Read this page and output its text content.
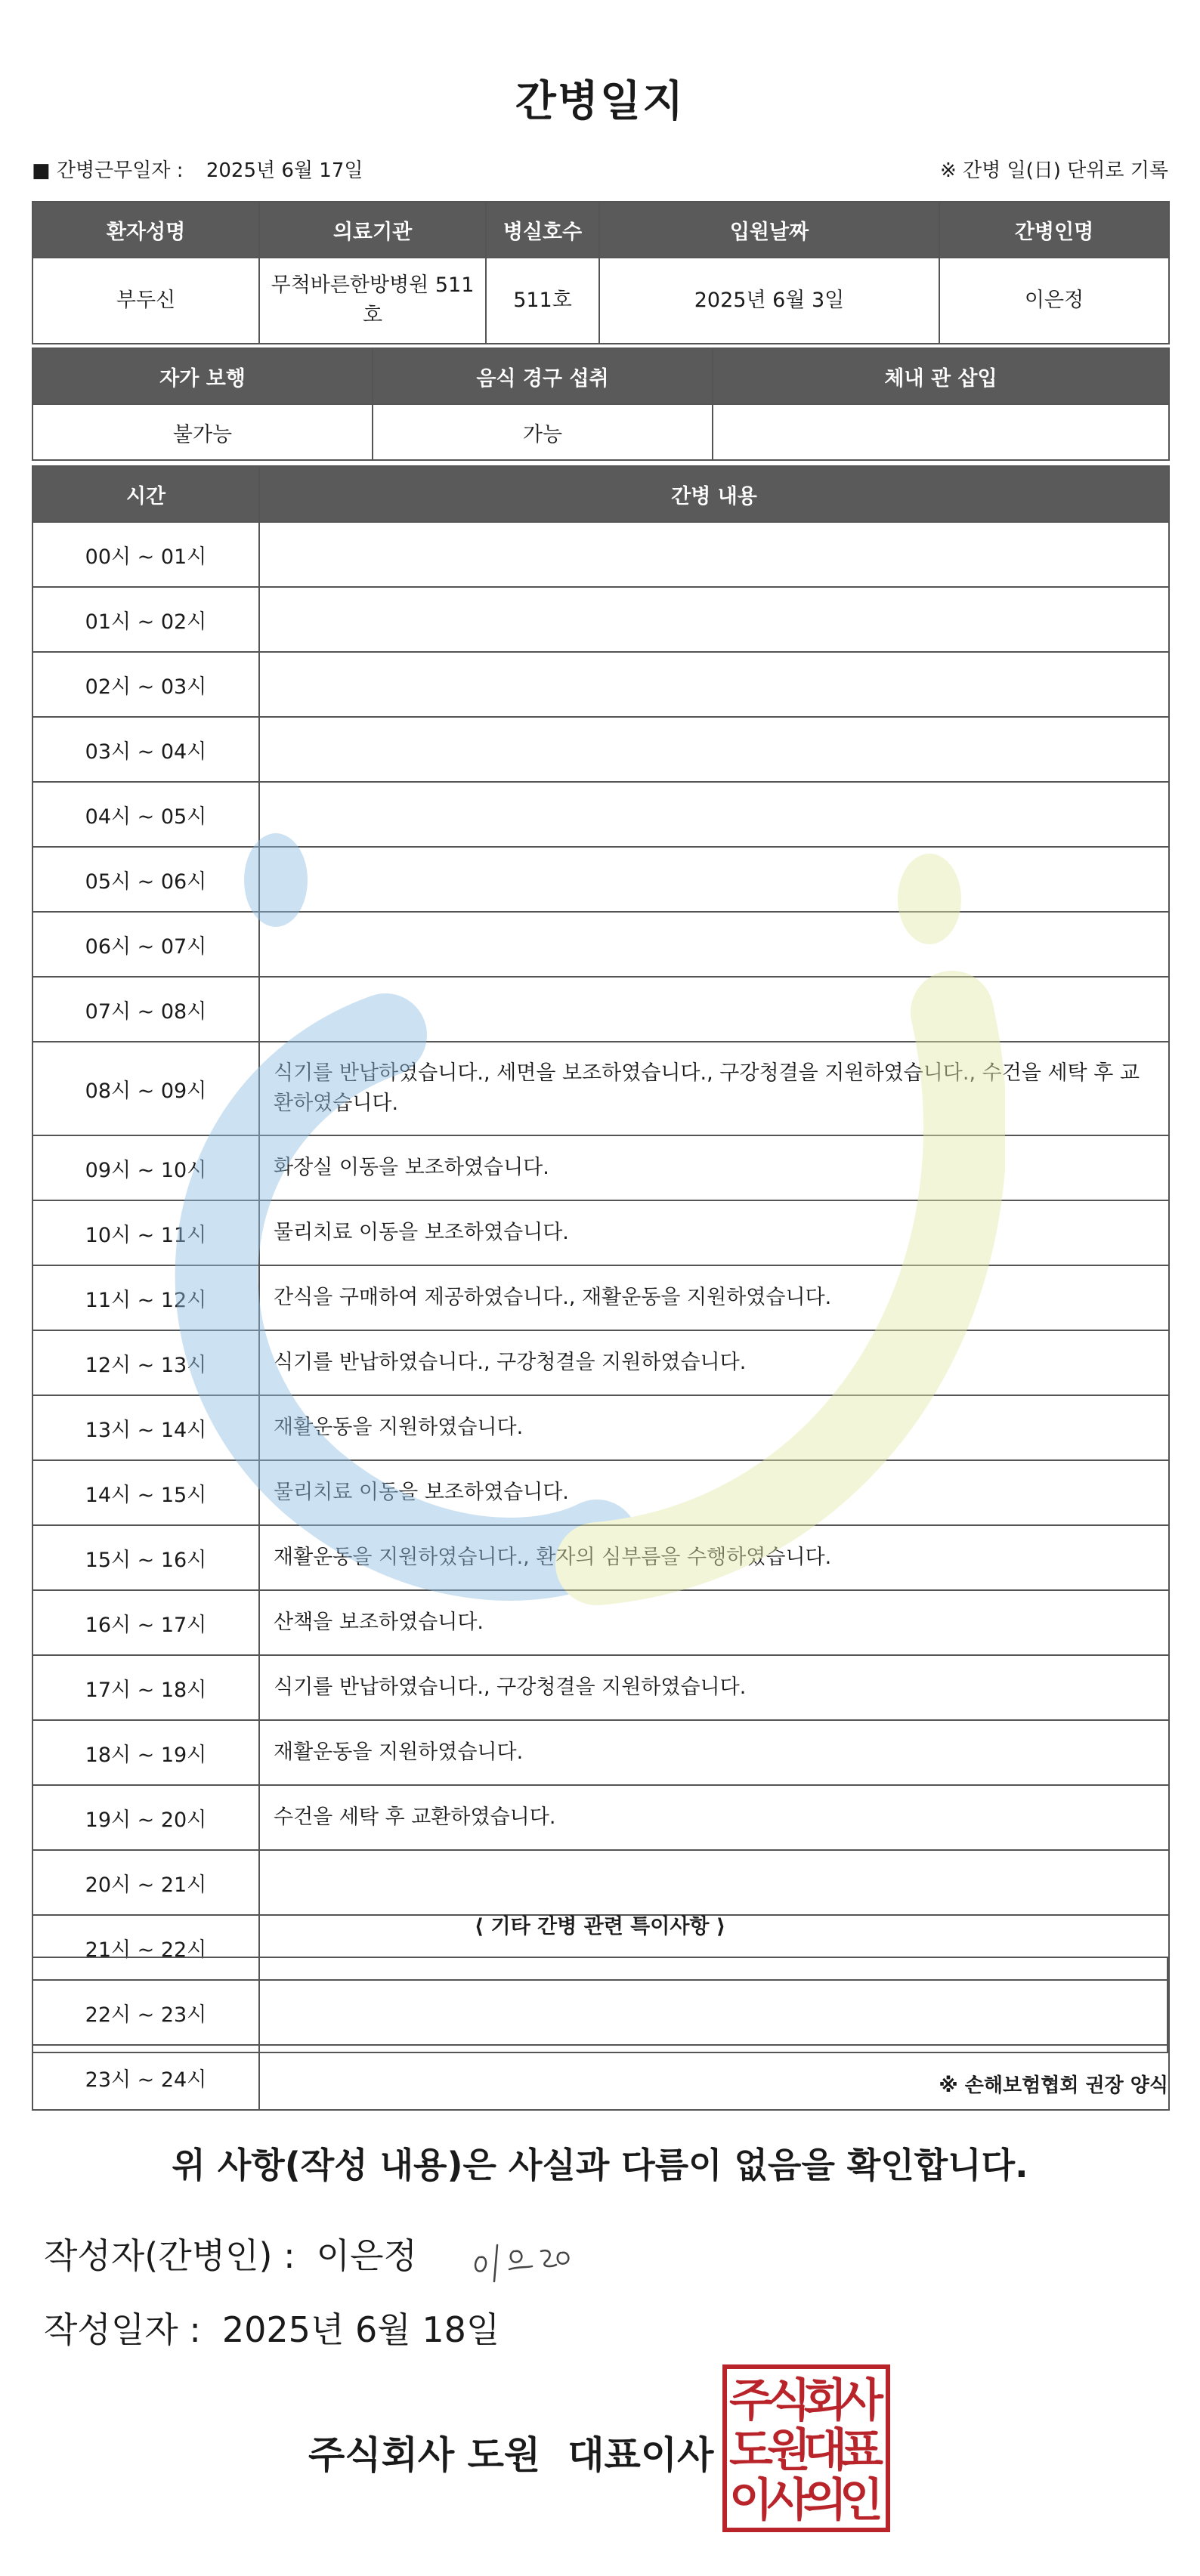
간병일지
■ 간병근무일자 : 2025년 6월 17일	※ 간병 일(日) 단위로 기록
환자성명	의료기관	병실호수	입원날짜	간병인명
부두신	무척바른한방병원 511호	511호	2025년 6월 3일	이은정
자가 보행	음식 경구 섭취	체내 관 삽입
불가능	가능	
시간	간병 내용
00시 ~ 01시	
01시 ~ 02시	
02시 ~ 03시	
03시 ~ 04시	
04시 ~ 05시	
05시 ~ 06시	
06시 ~ 07시	
07시 ~ 08시	
08시 ~ 09시	식기를 반납하였습니다., 세면을 보조하였습니다., 구강청결을 지원하였습니다., 수건을 세탁 후 교환하였습니다.
09시 ~ 10시	화장실 이동을 보조하였습니다.
10시 ~ 11시	물리치료 이동을 보조하였습니다.
11시 ~ 12시	간식을 구매하여 제공하였습니다., 재활운동을 지원하였습니다.
12시 ~ 13시	식기를 반납하였습니다., 구강청결을 지원하였습니다.
13시 ~ 14시	재활운동을 지원하였습니다.
14시 ~ 15시	물리치료 이동을 보조하였습니다.
15시 ~ 16시	재활운동을 지원하였습니다., 환자의 심부름을 수행하였습니다.
16시 ~ 17시	산책을 보조하였습니다.
17시 ~ 18시	식기를 반납하였습니다., 구강청결을 지원하였습니다.
18시 ~ 19시	재활운동을 지원하였습니다.
19시 ~ 20시	수건을 세탁 후 교환하였습니다.
20시 ~ 21시	
21시 ~ 22시	
22시 ~ 23시	
23시 ~ 24시	
⟨ 기타 간병 관련 특이사항 ⟩
※ 손해보험협회 권장 양식
위 사항(작성 내용)은 사실과 다름이 없음을 확인합니다.
작성자(간병인) : 이은정
작성일자 : 2025년 6월 18일
주식회사 도원 대표이사
주
식
회
사
도
원
대
표
이
사
의
인
